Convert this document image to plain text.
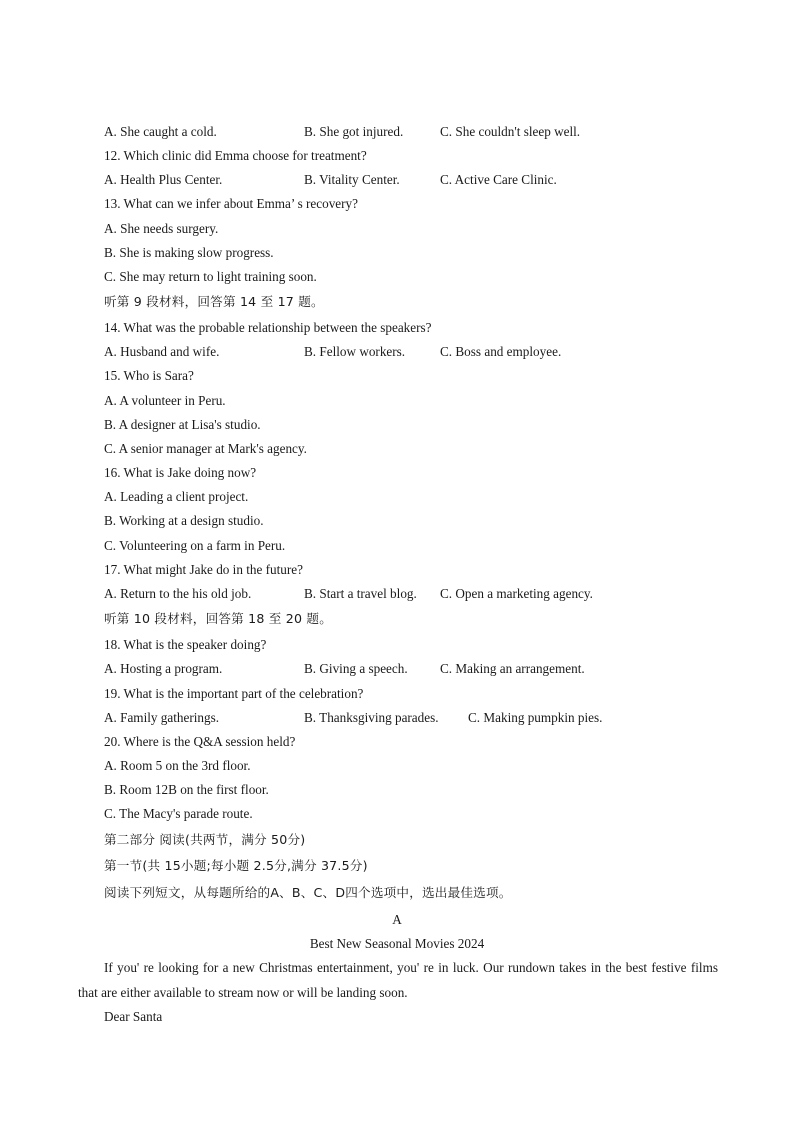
A. She caught a cold.	B. She got injured.	C. She couldn't sleep well.
12. Which clinic did Emma choose for treatment?
A. Health Plus Center.	B. Vitality Center.	C. Active Care Clinic.
13. What can we infer about Emma’ s recovery?
A. She needs surgery.
B. She is making slow progress.
C. She may return to light training soon.
听第 9 段材料，回答第 14 至 17 题。
14. What was the probable relationship between the speakers?
A. Husband and wife.	B. Fellow workers.	C. Boss and employee.
15. Who is Sara?
A. A volunteer in Peru.
B. A designer at Lisa's studio.
C. A senior manager at Mark's agency.
16. What is Jake doing now?
A. Leading a client project.
B. Working at a design studio.
C. Volunteering on a farm in Peru.
17. What might Jake do in the future?
A. Return to the his old job.	B. Start a travel blog. C. Open a marketing agency.
听第 10 段材料，回答第 18 至 20 题。
18. What is the speaker doing?
A. Hosting a program.	B. Giving a speech. C. Making an arrangement.
19. What is the important part of the celebration?
A. Family gatherings.	B. Thanksgiving parades. C. Making pumpkin pies.
20. Where is the Q&A session held?
A. Room 5 on the 3rd floor.
B. Room 12B on the first floor.
C. The Macy's parade route.
第二部分 阅读(共两节，满分 50分)
第一节(共 15小题;每小题 2.5分,满分 37.5分)
阅读下列短文，从每题所给的A、B、C、D四个选项中，选出最佳选项。
A
Best New Seasonal Movies 2024
If you' re looking for a new Christmas entertainment, you' re in luck. Our rundown takes in the best festive films that are either available to stream now or will be landing soon.
Dear Santa
